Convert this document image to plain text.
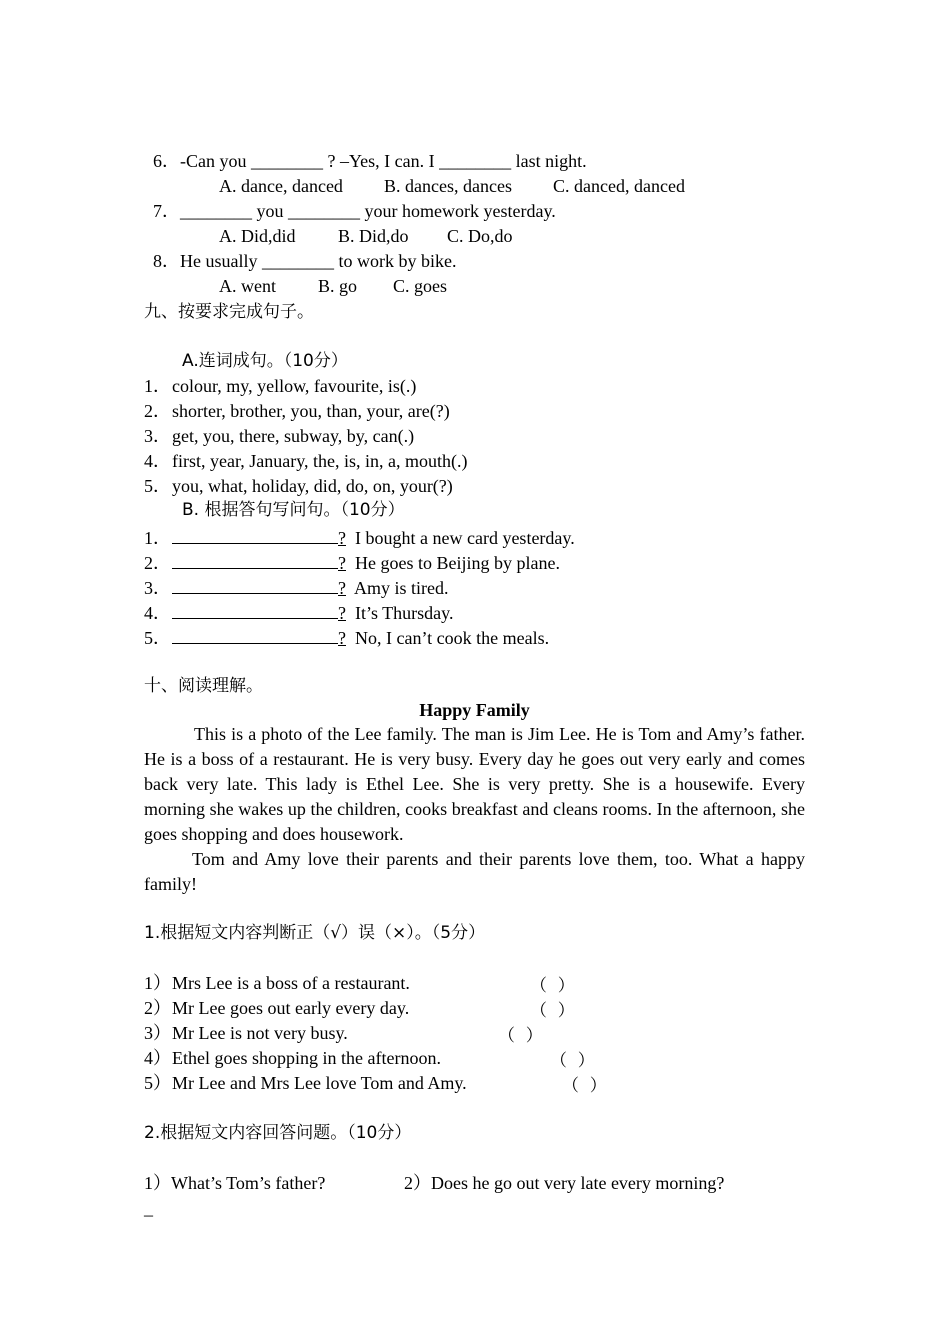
6．-Can you ________ ? –Yes, I can. I ________ last night.

A. dance, danced B. dances, dances C. danced, danced

7．________ you ________ your homework yesterday.

A. Did,did B. Did,do C. Do,do

8．He usually ________ to work by bike.

A. went B. go C. goes

九、按要求完成句子。
A.连词成句。（10分）
1．colour, my, yellow, favourite, is(.)
2．shorter, brother, you, than, your, are(?)
3．get, you, there, subway, by, can(.)
4．first, year, January, the, is, in, a, mouth(.)
5．you, what, holiday, did, do, on, your(?)
B. 根据答句写问句。（10分）
1．	? I bought a new card yesterday.
2．	? He goes to Beijing by plane.
3．	? Amy is tired.
4．	? It’s Thursday.
5．	? No, I can’t cook the meals.
十、阅读理解。
Happy Family
This is a photo of the Lee family. The man is Jim Lee. He is Tom and Amy’s father. He is a boss of a restaurant. He is very busy. Every day he goes out very early and comes back very late. This lady is Ethel Lee. She is very pretty. She is a housewife. Every morning she wakes up the children, cooks breakfast and cleans rooms. In the afternoon, she goes shopping and does housework.
Tom and Amy love their parents and their parents love them, too. What a happy family!
1.根据短文内容判断正（√）误（×）。（5分）
1）Mrs Lee is a boss of a restaurant.	（  ）
2）Mr Lee goes out early every day.	（  ）
3）Mr Lee is not very busy.	（  ）
4）Ethel goes shopping in the afternoon.	（  ）
5）Mr Lee and Mrs Lee love Tom and Amy.	（  ）
2.根据短文内容回答问题。（10分）
1）What’s Tom’s father?	2）Does he go out very late every morning?
_
